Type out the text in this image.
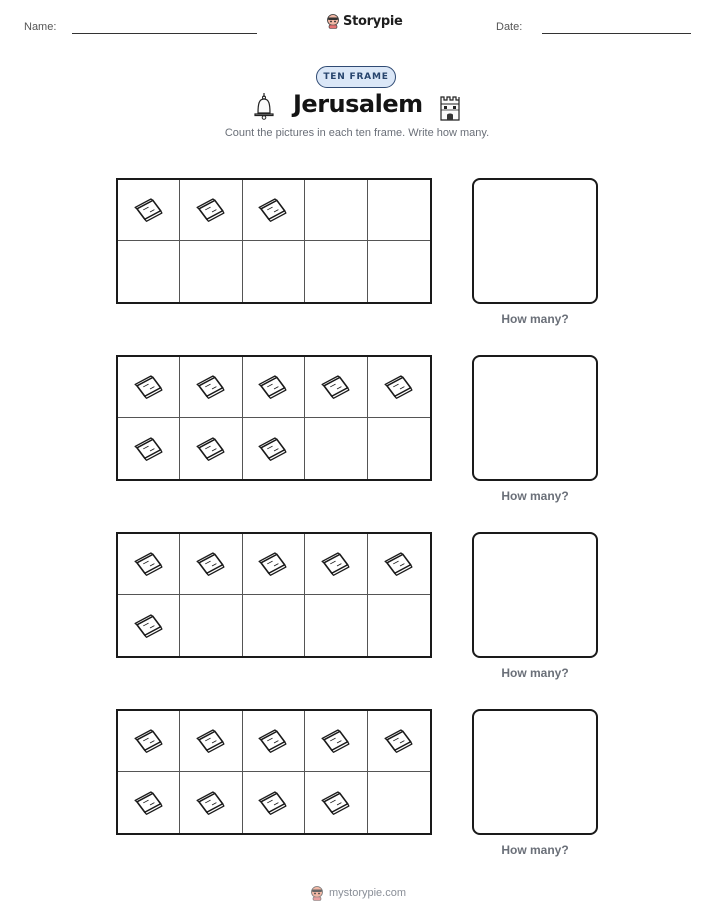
Name:	Storypie	Date:
TEN FRAME
Jerusalem
Count the pictures in each ten frame. Write how many.
How many?
How many?
How many?
How many?
mystorypie.com
